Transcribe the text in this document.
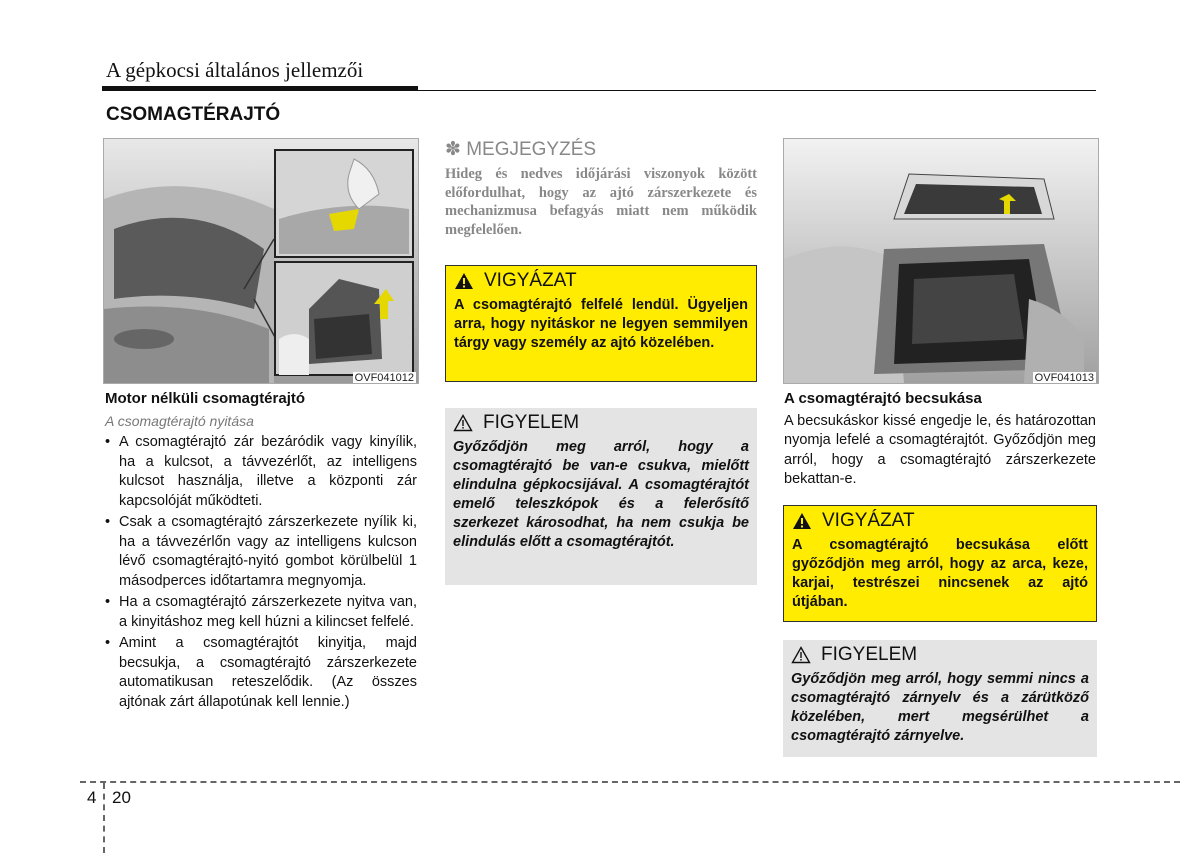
A gépkocsi általános jellemzői
CSOMAGTÉRAJTÓ
OVF041012
Motor nélküli csomagtérajtó
A csomagtérajtó nyitása
• A csomagtérajtó zár bezáródik vagy kinyílik, ha a kulcsot, a távvezérlőt, az intelligens kulcsot használja, illetve a központi zár kapcsolóját működteti.
• Csak a csomagtérajtó zárszerkezete nyílik ki, ha a távvezérlőn vagy az intelligens kulcson lévő csomagtérajtó-nyitó gombot körülbelül 1 másodperces időtartamra megnyomja.
• Ha a csomagtérajtó zárszerkezete nyitva van, a kinyitáshoz meg kell húzni a kilincset felfelé.
• Amint a csomagtérajtót kinyitja, majd becsukja, a csomagtérajtó zárszerkezete automatikusan reteszelődik. (Az összes ajtónak zárt állapotúnak kell lennie.)
✽ MEGJEGYZÉS
Hideg és nedves időjárási viszonyok között előfordulhat, hogy az ajtó zárszerkezete és mechanizmusa befagyás miatt nem működik megfelelően.
VIGYÁZAT
A csomagtérajtó felfelé lendül. Ügyeljen arra, hogy nyitáskor ne legyen semmilyen tárgy vagy személy az ajtó közelében.
FIGYELEM
Győződjön meg arról, hogy a csomagtérajtó be van-e csukva, mielőtt elindulna gépkocsijával. A csomagtérajtót emelő teleszkópok és a felerősítő szerkezet károsodhat, ha nem csukja be elindulás előtt a csomagtérajtót.
OVF041013
A csomagtérajtó becsukása
A becsukáskor kissé engedje le, és határozottan nyomja lefelé a csomagtérajtót. Győződjön meg arról, hogy a csomagtérajtó zárszerkezete bekattan-e.
VIGYÁZAT
A csomagtérajtó becsukása előtt győződjön meg arról, hogy az arca, keze, karjai, testrészei nincsenek az ajtó útjában.
FIGYELEM
Győződjön meg arról, hogy semmi nincs a csomagtérajtó zárnyelv és a zárütköző közelében, mert megsérülhet a csomagtérajtó zárnyelve.
4 20
